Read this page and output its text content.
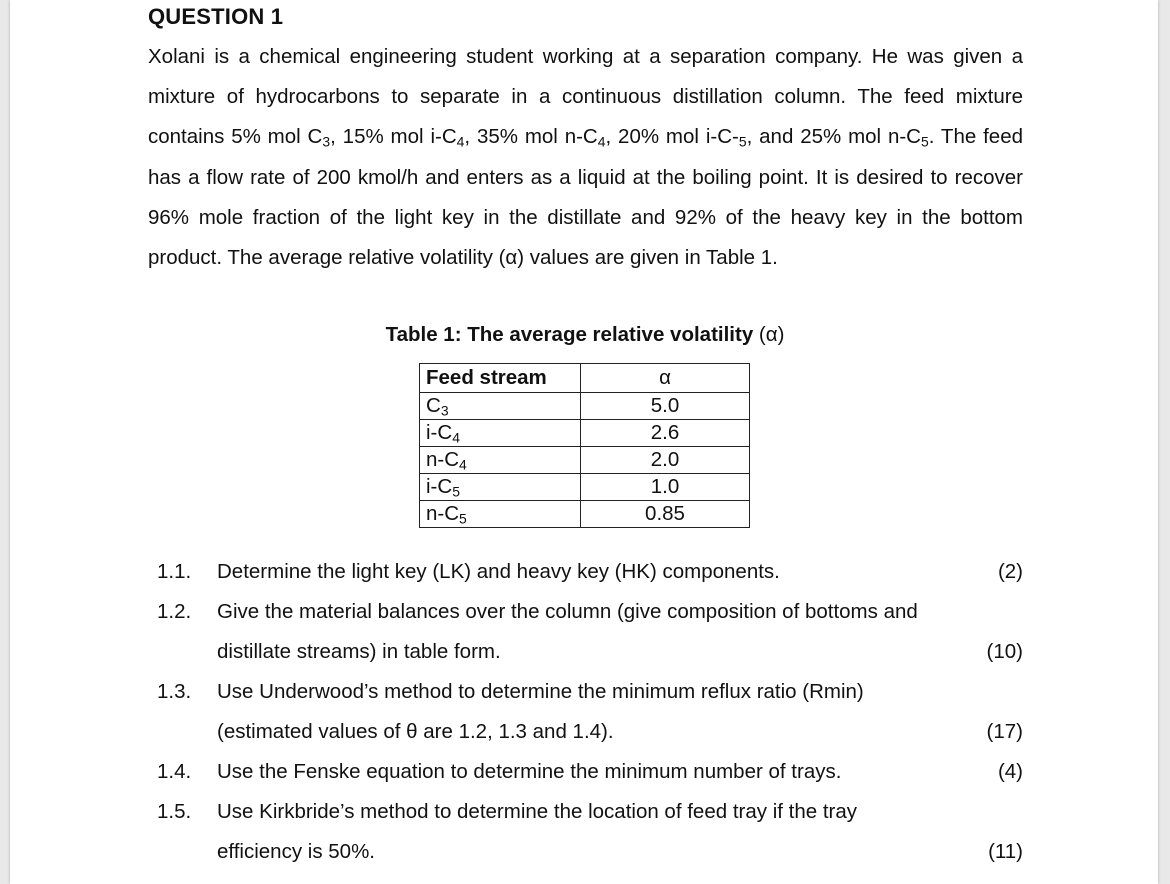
QUESTION 1
Xolani is a chemical engineering student working at a separation company. He was given a mixture of hydrocarbons to separate in a continuous distillation column. The feed mixture contains 5% mol $C_3$, 15% mol $i-C_4$, 35% mol $n-C_4$, 20% mol $i-C-_5$, and 25% mol $n-C_5$. The feed has a flow rate of 200 kmol/h and enters as a liquid at the boiling point. It is desired to recover 96% mole fraction of the light key in the distillate and 92% of the heavy key in the bottom product. The average relative volatility (α) values are given in Table 1.
Table 1: The average relative volatility (α)
Feed stream	α
$C_3$	5.0
$i-C_4$	2.6
$n-C_4$	2.0
$i-C_5$	1.0
$n-C_5$	0.85
1.1. Determine the light key (LK) and heavy key (HK) components.	(2)
1.2. Give the material balances over the column (give composition of bottoms and
distillate streams) in table form.	(10)
1.3. Use Underwood’s method to determine the minimum reflux ratio (Rmin)
(estimated values of θ are 1.2, 1.3 and 1.4).	(17)
1.4. Use the Fenske equation to determine the minimum number of trays.	(4)
1.5. Use Kirkbride’s method to determine the location of feed tray if the tray
efficiency is 50%.	(11)
